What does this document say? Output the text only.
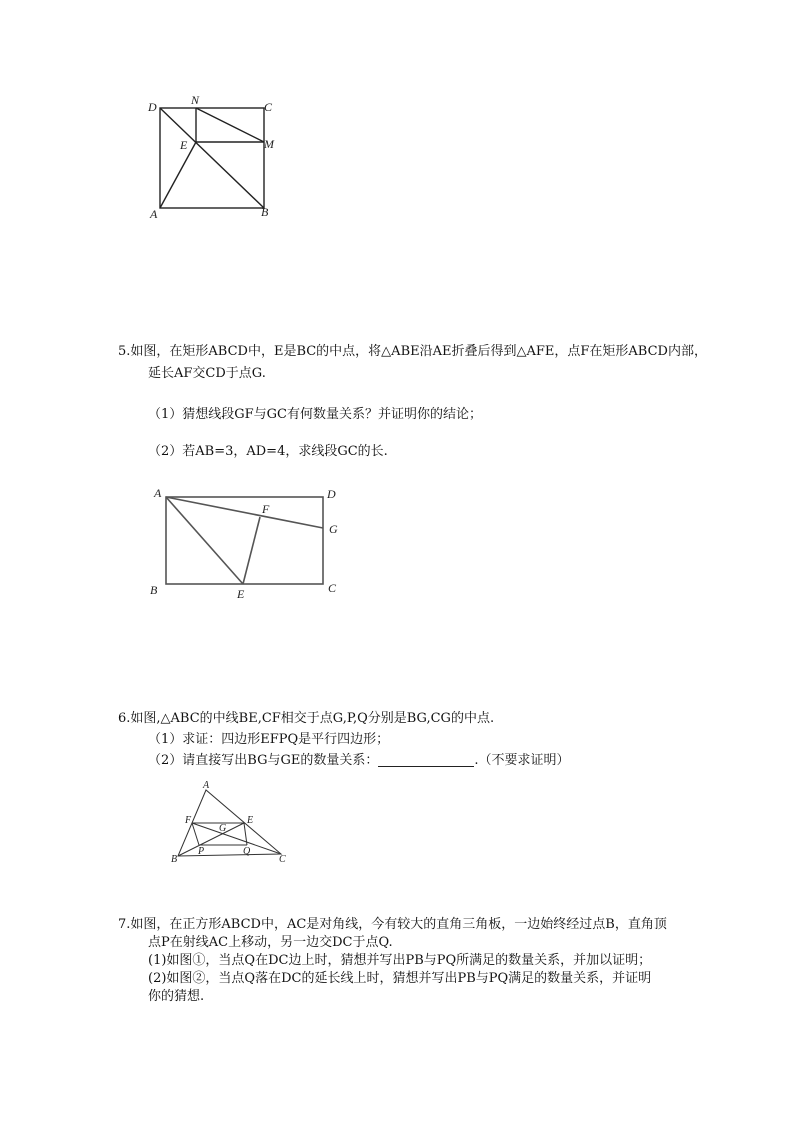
D	N	C
E	M
A	B
5.如图，在矩形ABCD中，E是BC的中点，将△ABE沿AE折叠后得到△AFE，点F在矩形ABCD内部，
延长AF交CD于点G.
（1）猜想线段GF与GC有何数量关系？并证明你的结论；
（2）若AB=3，AD=4，求线段GC的长.
A	D
F
G
B	E	C
6.如图,△ABC的中线BE,CF相交于点G,P,Q分别是BG,CG的中点.
（1）求证：四边形EFPQ是平行四边形；
（2）请直接写出BG与GE的数量关系：	.（不要求证明）
A
F	E
G
B
P	Q
C
7.如图，在正方形ABCD中，AC是对角线，今有较大的直角三角板，一边始终经过点B，直角顶
点P在射线AC上移动，另一边交DC于点Q.
(1)如图①，当点Q在DC边上时，猜想并写出PB与PQ所满足的数量关系，并加以证明；
(2)如图②，当点Q落在DC的延长线上时，猜想并写出PB与PQ满足的数量关系，并证明
你的猜想.
